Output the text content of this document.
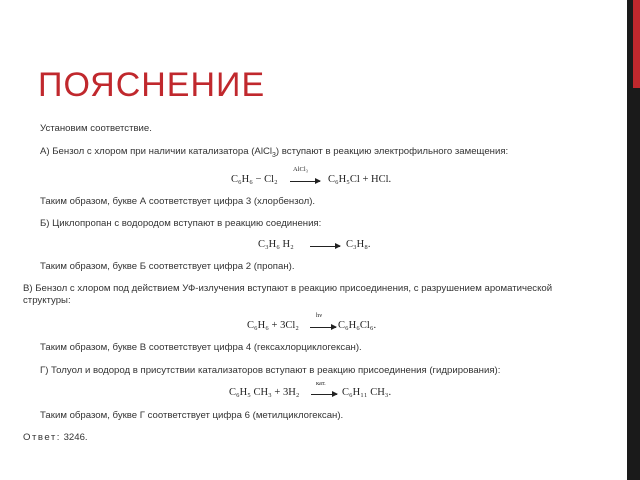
ПОЯСНЕНИЕ
Установим соответствие.
А) Бензол с хлором при наличии катализатора (AlCl$_3$) вступают в реакцию электрофильного замещения:
C₆H₆ − Cl₂
AlCl₃
C₆H₅Cl + HCl.
Таким образом, букве А соответствует цифра 3 (хлорбензол).
Б) Циклопропан с водородом вступают в реакцию соединения:
C₃H₆ H₂	C₃H₈.
Таким образом, букве Б соответствует цифра 2 (пропан).
В) Бензол с хлором под действием УФ-излучения вступают в реакцию присоединения, с разрушением ароматической
структуры:
C₆H₆ + 3Cl₂
hν
C₆H₆Cl₆.
Таким образом, букве В соответствует цифра 4 (гексахлорциклогексан).
Г) Толуол и водород в присутствии катализаторов вступают в реакцию присоединения (гидрирования):
C₆H₅ CH₃ + 3H₂
кат.
C₆H₁₁ CH₃.
Таким образом, букве Г соответствует цифра 6 (метилциклогексан).
Ответ: 3246.
